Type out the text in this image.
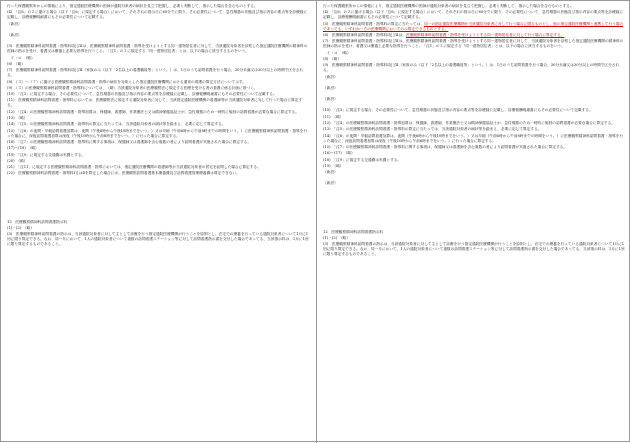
行った保護観察所からの情報により、指定通院医療機関の医師が通院対象者の病状を見立て把握し、必要と判断して、指示した場合を含むものとする。
(4)　「注6」の２に掲げる場合（以下「注6」に規定する場合）において、それぞれの指示日に60分でに限り、その必要性について、急性増悪の状態及び指示内容の要点等を診療録に記載し、診療報酬明細書にもその必要性について記載する。
（新設）
（新設）
(5)　医療観察精神科訪問看護・指導料Ⅰ及びⅡは、医療観察精神科訪問看護・指導を受けようとする同一建物居住者に対して、当該通院対象者を診察した指定通院医療機関の精神科の医師の指示を受け、看護又は療養上必要な指導を行うこと。「注1」の２に規定する「同一建物居住者」とは、以下の場合に該当するものをいう。
　イ・ロ　（略）
(6)　（略）
(7)　医療観察精神科訪問看護・指導料Ⅰ及びⅡ（家族のみ（以下「2名以上の看護職員等」という。）は、1日のうち訪問看護を行う場合、30分未満又は30分以上の時間で区分される。
(8)　（３）～（７）に掲げる医療観察精神科訪問看護・指導の病状を対象とした指定通院医療機関における通常の看護の算定方法について示す。
(9)　（３）の医療観察精神科訪問看護・指導料については、（略）当該通院対象者の医療観察法に規定する医療を受ける者の看護に係る計画に基づく。
(10)　「注3」に規定する場合、その必要性について、急性増悪の状態及び指示内容の要点等を診療録に記載し、診療報酬明細書にもその必要性について記載する。
(11)　医療観察精神科訪問看護・指導料においては、医療観察法に規定する通院対象者に対して、当該指定通院医療機関の看護師等が当該通院対象者に対して行った場合に算定する。
(12)　「注4」の医療観察精神科訪問看護・指導加算は、保健師、看護師、作業療法士又は精神保健福祉士が、急性増悪のため一時的に頻回の訪問看護が必要な場合に算定する。
(13)　（略）
(14)　「注5」の医療観察精神科訪問看護・指導料の算定に当たっては、当該通院対象者の病状等を踏まえ、必要に応じて算定する。
(15)　「注6」の夜間・早朝訪問看護加算は、夜間（午後6時から午後10時までをいう。）又は早朝（午前6時から午前8時までの時間をいう。）に医療観察精神科訪問看護・指導を行った場合に、深夜訪問看護加算は深夜（午後10時から午前6時までをいう。）に行った場合に算定する。
(16)　「注7」の医療観察精神科訪問看護・指導料に関する事項は、保健師又は看護師を含む複数の者により訪問看護が実施された場合に算定する。
(17)～(18)　（略）
(19)　「注9」に規定する交通費は実費とする。
(20)　（略）
(21)　「注11」に規定する医療観察精神科訪問看護・指導においては、指定通院医療機関の看護師等が当該通院対象者の居宅を訪問した場合に算定する。
(22)　医療観察精神科訪問看護・指導料Ⅰ又はⅡを算定した場合には、医療観察訪問看護基本療養費及び訪問看護管理療養費は算定できない。
12　医療観察精神科訪問看護指示料
(1)・(2)　（略）
(3)　医療観察精神科訪問看護の指示は、当該通院対象者に対して主として診療を行う指定通院医療機関が行うことを原則とし、在宅での療養を行っている通院対象者について1月に1回に限り算定できる。なお、同一月において、1人の通院対象者について複数の訪問看護ステーション等に対して訪問看護指示書を交付した場合であっても、当該指示料は、1月に1回に限り算定するものであること。
行った保護観察所からの情報により、指定通院医療機関の医師が通院対象者の病状を見立て把握し、必要と判断して、指示した場合を含むものとする。
(4)　「注6」の２に掲げる場合（以下「注6」に規定する場合）において、それぞれの指示日に60分でに限り、その必要性について、急性増悪の状態及び指示内容の要点等を診療録に記載し、診療報酬明細書にもその必要性について記載する。
(5)　医療観察精神科訪問看護・指導料の算定に当たっては、同一の指定通院医療機関が当該通院対象者に対して行う場合に限るものとし、他の指定通院医療機関と連携して行う場合であっても、いずれか一方の医療機関においてのみ算定できるものとする。
(6)　医療観察精神科訪問看護・指導料Ⅰ及びⅡは、医療観察精神科訪問看護・指導を受けようとする同一建物居住者に対して行う場合に算定する。
(7)　医療観察精神科訪問看護・指導料Ⅰ及びⅡは、医療観察精神科訪問看護・指導を受けようとする同一建物居住者に対して、当該通院対象者を診察した指定通院医療機関の精神科の医師の指示を受け、看護又は療養上必要な指導を行うこと。「注1」の２に規定する「同一建物居住者」とは、以下の場合に該当するものをいう。
　イ・ロ　（略）
(8)　（略）
(9)　医療観察精神科訪問看護・指導料Ⅰ及びⅡ（家族のみ（以下「2名以上の看護職員等」という。）は、1日のうち訪問看護を行う場合、30分未満又は30分以上の時間で区分される。
（新設）
（新設）
（新設）
(10)　「注3」に規定する場合、その必要性について、急性増悪の状態及び指示内容の要点等を診療録に記載し、診療報酬明細書にもその必要性について記載する。
(11)　（略）
(12)　「注4」の医療観察精神科訪問看護・指導加算は、保健師、看護師、作業療法士又は精神保健福祉士が、急性増悪のため一時的に頻回の訪問看護が必要な場合に算定する。
(13)　「注5」の医療観察精神科訪問看護・指導料の算定に当たっては、当該通院対象者の病状等を踏まえ、必要に応じて算定する。
(14)　「注6」の夜間・早朝訪問看護加算は、夜間（午後6時から午後10時までをいう。）又は早朝（午前6時から午前8時までの時間をいう。）に医療観察精神科訪問看護・指導を行った場合に、深夜訪問看護加算は深夜（午後10時から午前6時までをいう。）に行った場合に算定する。
(15)　「注7」の医療観察精神科訪問看護・指導料に関する事項は、保健師又は看護師を含む複数の者により訪問看護が実施された場合に算定する。
(16)～(17)　（略）
(18)　「注9」に規定する交通費は実費とする。
(19)　（略）
（新設）
（新設）
12　医療観察精神科訪問看護指示料
(1)・(2)　（略）
(3)　医療観察精神科訪問看護の指示は、当該通院対象者に対して主として診療を行う指定通院医療機関が行うことを原則とし、在宅での療養を行っている通院対象者について1月に1回に限り算定できる。なお、同一月において、1人の通院対象者について複数の訪問看護ステーション等に対して訪問看護指示書を交付した場合であっても、当該指示料は、1月に1回に限り算定するものであること。
